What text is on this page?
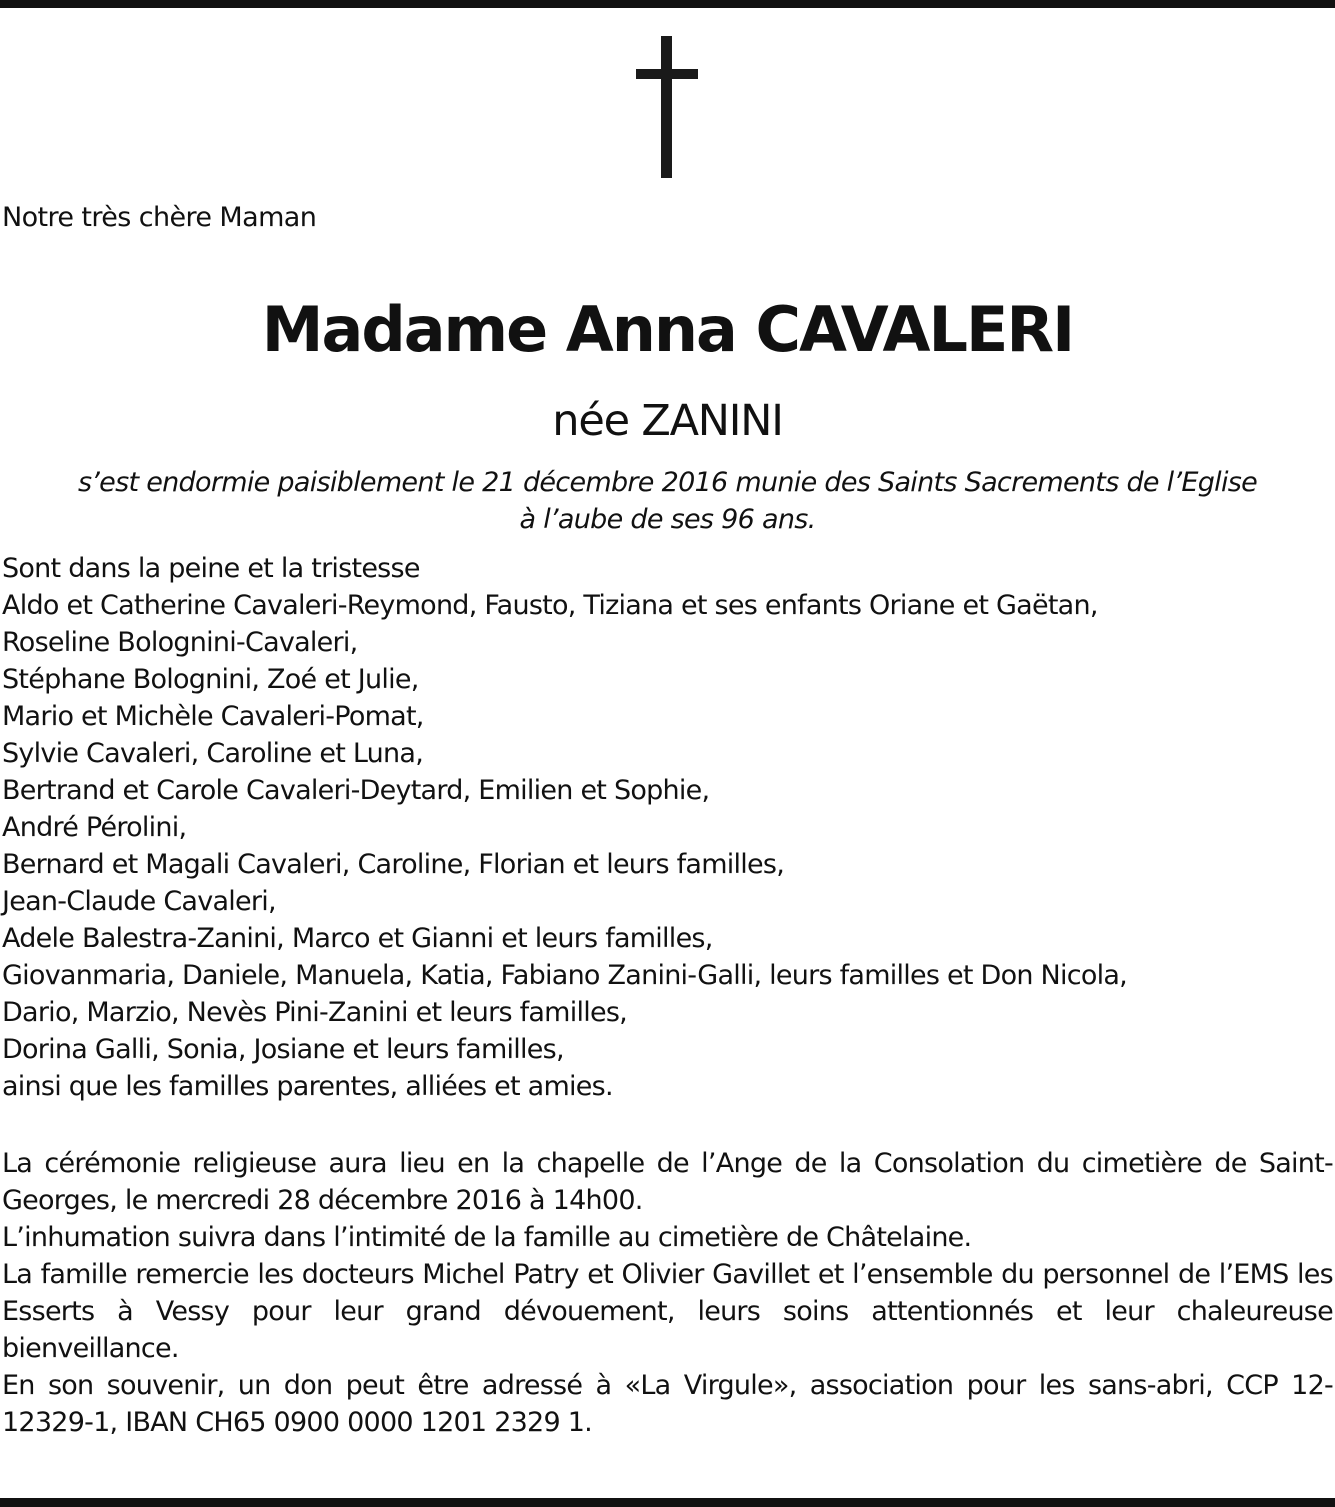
Notre très chère Maman
Madame Anna CAVALERI
née ZANINI
s’est endormie paisiblement le 21 décembre 2016 munie des Saints Sacrements de l’Eglise
à l’aube de ses 96 ans.
Sont dans la peine et la tristesse
Aldo et Catherine Cavaleri-Reymond, Fausto, Tiziana et ses enfants Oriane et Gaëtan,
Roseline Bolognini-Cavaleri,
Stéphane Bolognini, Zoé et Julie,
Mario et Michèle Cavaleri-Pomat,
Sylvie Cavaleri, Caroline et Luna,
Bertrand et Carole Cavaleri-Deytard, Emilien et Sophie,
André Pérolini,
Bernard et Magali Cavaleri, Caroline, Florian et leurs familles,
Jean-Claude Cavaleri,
Adele Balestra-Zanini, Marco et Gianni et leurs familles,
Giovanmaria, Daniele, Manuela, Katia, Fabiano Zanini-Galli, leurs familles et Don Nicola,
Dario, Marzio, Nevès Pini-Zanini et leurs familles,
Dorina Galli, Sonia, Josiane et leurs familles,
ainsi que les familles parentes, alliées et amies.

La cérémonie religieuse aura lieu en la chapelle de l’Ange de la Consolation du cimetière de Saint-Georges, le mercredi 28 décembre 2016 à 14h00.

L’inhumation suivra dans l’intimité de la famille au cimetière de Châtelaine.

La famille remercie les docteurs Michel Patry et Olivier Gavillet et l’ensemble du personnel de l’EMS les Esserts à Vessy pour leur grand dévouement, leurs soins attentionnés et leur chaleureuse bienveillance.

En son souvenir, un don peut être adressé à «La Virgule», association pour les sans-abri, CCP 12-12329-1, IBAN CH65 0900 0000 1201 2329 1.
